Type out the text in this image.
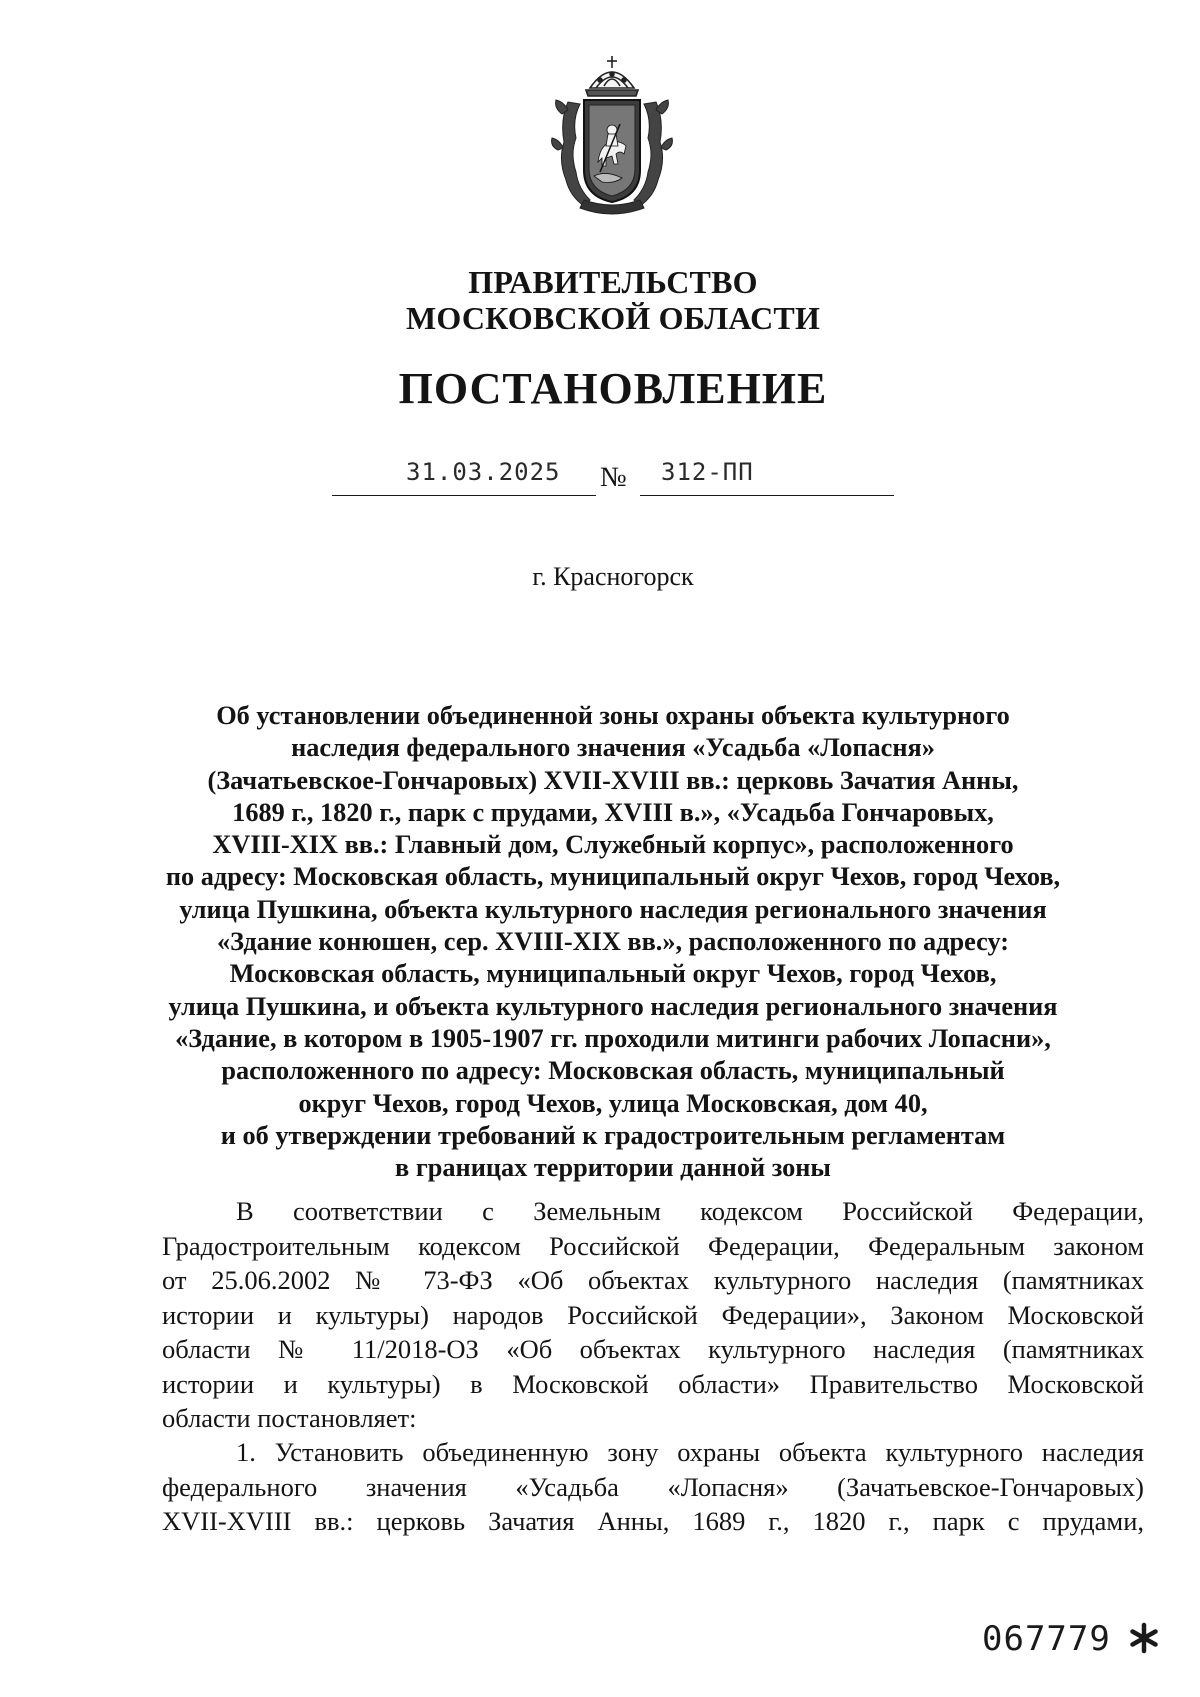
ПРАВИТЕЛЬСТВО
МОСКОВСКОЙ ОБЛАСТИ
ПОСТАНОВЛЕНИЕ
31.03.2025 № 312-ПП
г. Красногорск
Об установлении объединенной зоны охраны объекта культурного
наследия федерального значения «Усадьба «Лопасня»
(Зачатьевское-Гончаровых) XVII-XVIII вв.: церковь Зачатия Анны,
1689 г., 1820 г., парк с прудами, XVIII в.», «Усадьба Гончаровых,
XVIII-XIX вв.: Главный дом, Служебный корпус», расположенного
по адресу: Московская область, муниципальный округ Чехов, город Чехов,
улица Пушкина, объекта культурного наследия регионального значения
«Здание конюшен, сер. XVIII-XIX вв.», расположенного по адресу:
Московская область, муниципальный округ Чехов, город Чехов,
улица Пушкина, и объекта культурного наследия регионального значения
«Здание, в котором в 1905-1907 гг. проходили митинги рабочих Лопасни»,
расположенного по адресу: Московская область, муниципальный
округ Чехов, город Чехов, улица Московская, дом 40,
и об утверждении требований к градостроительным регламентам
в границах территории данной зоны
В соответствии с Земельным кодексом Российской Федерации,
Градостроительным кодексом Российской Федерации, Федеральным законом
от 25.06.2002 № 73-ФЗ «Об объектах культурного наследия (памятниках
истории и культуры) народов Российской Федерации», Законом Московской
области № 11/2018-ОЗ «Об объектах культурного наследия (памятниках
истории и культуры) в Московской области» Правительство Московской
области постановляет:
1. Установить объединенную зону охраны объекта культурного наследия
федерального значения «Усадьба «Лопасня» (Зачатьевское-Гончаровых)
XVII-XVIII вв.: церковь Зачатия Анны, 1689 г., 1820 г., парк с прудами,
067779
